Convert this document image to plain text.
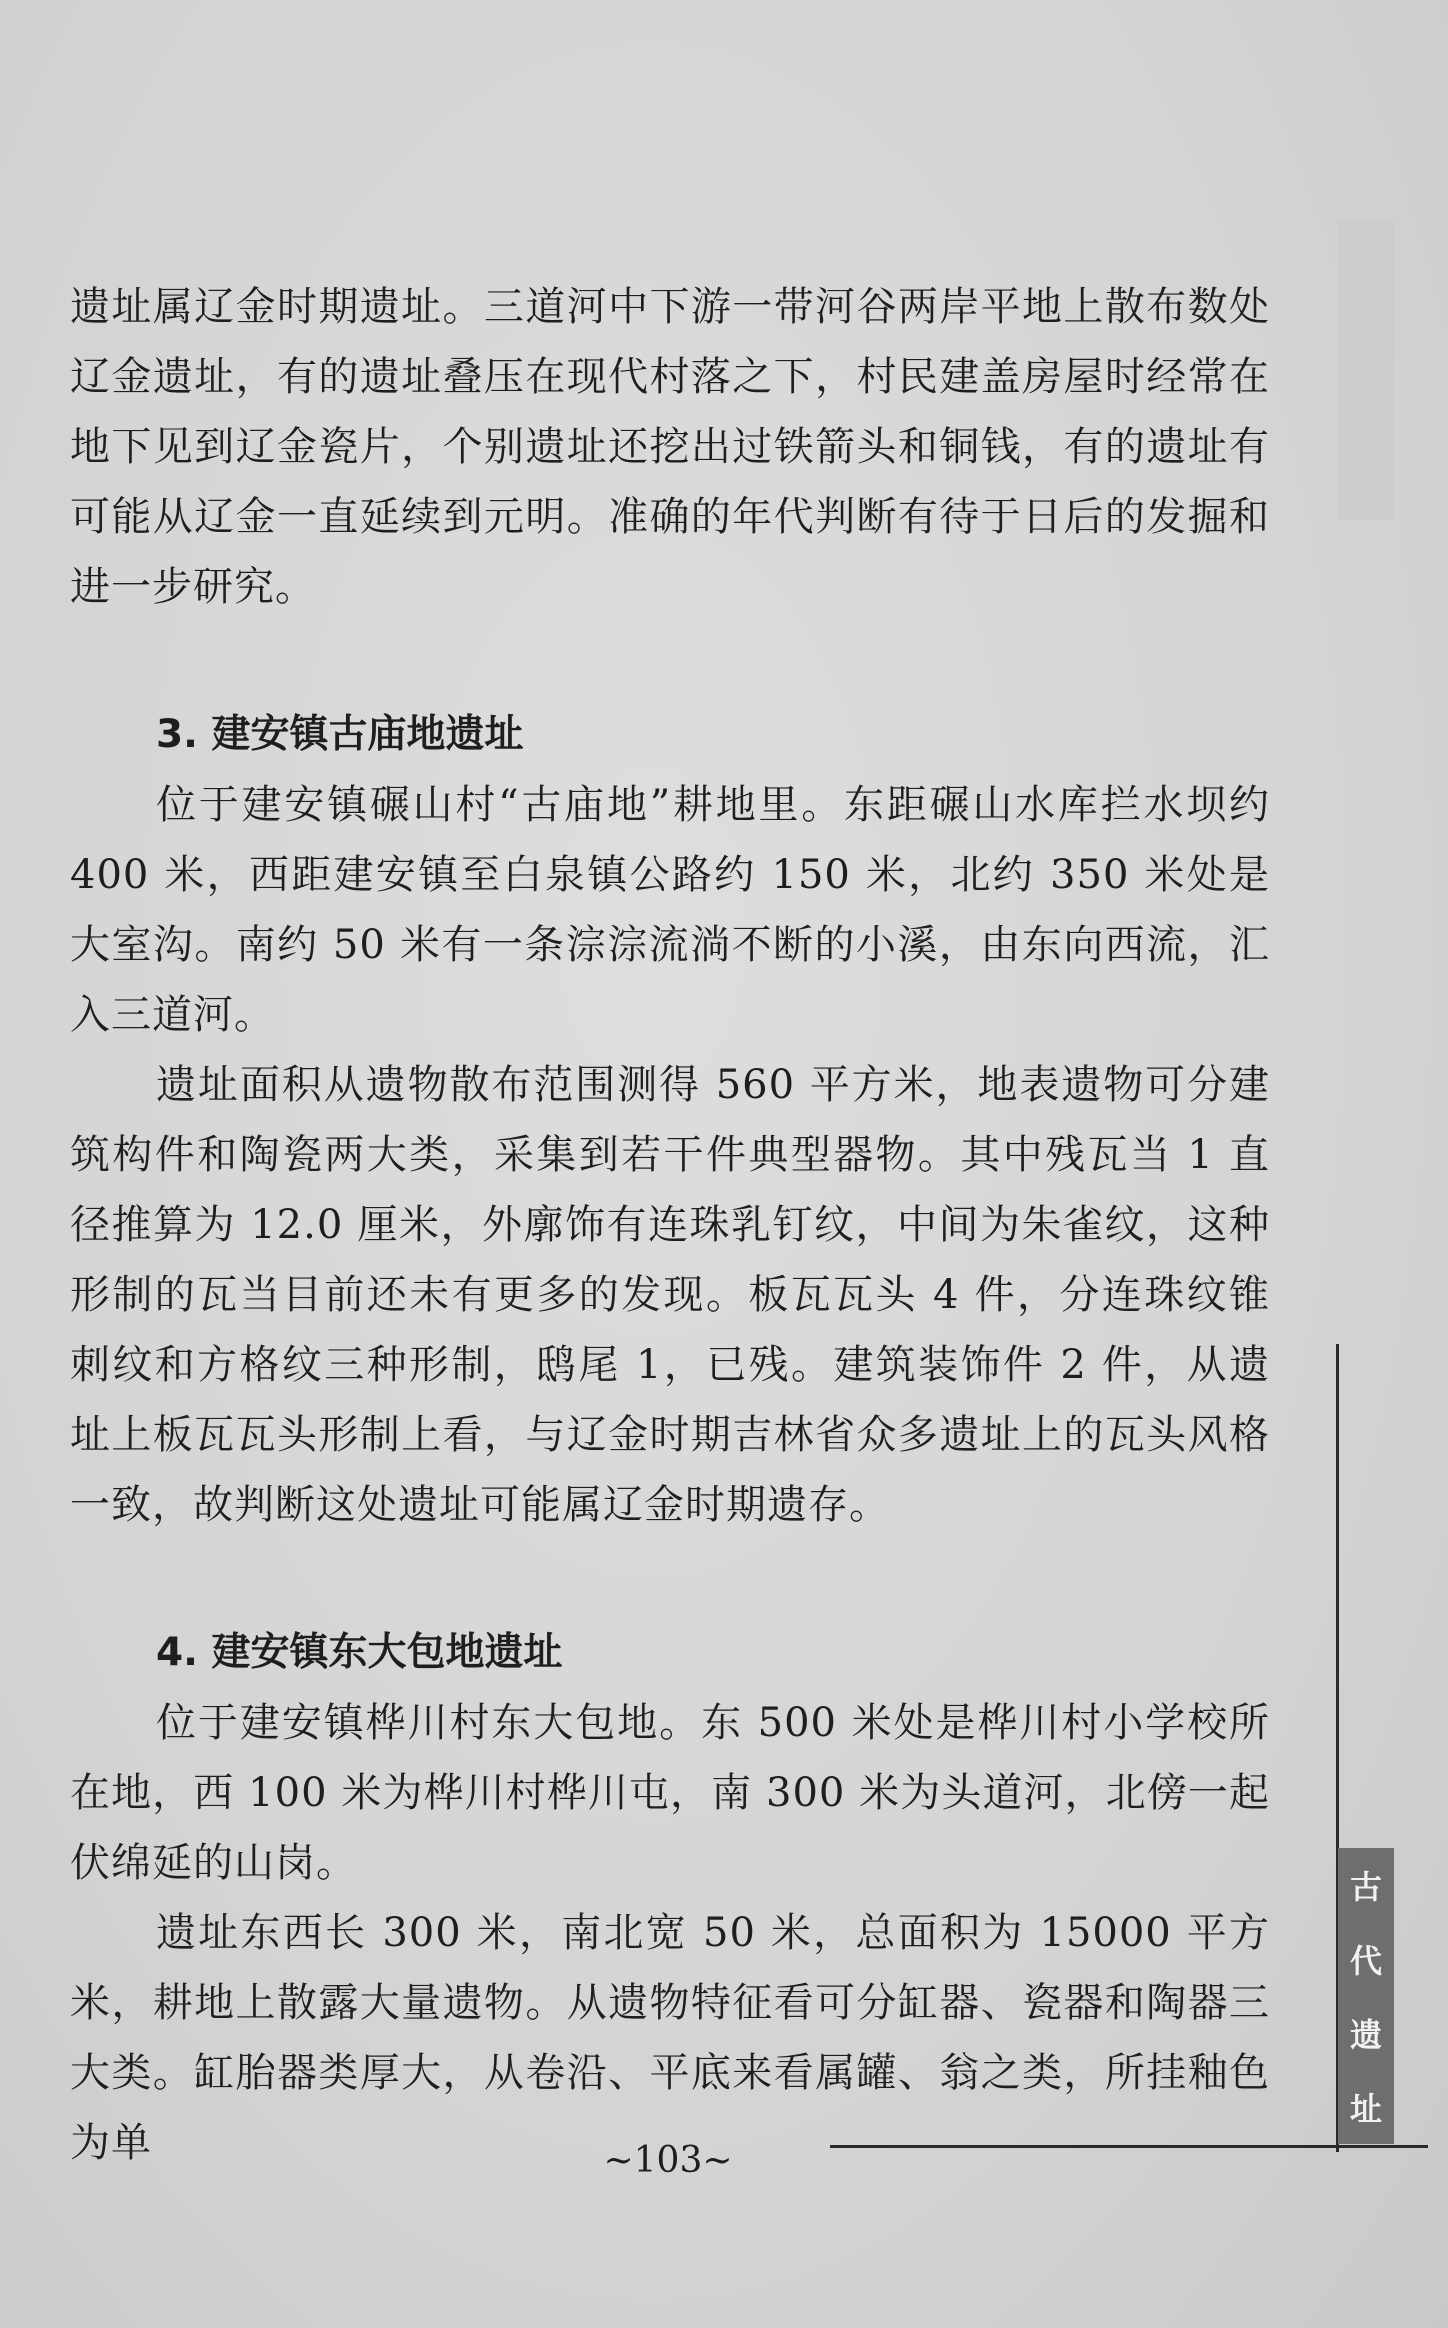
遗址属辽金时期遗址。三道河中下游一带河谷两岸平地上散布数处辽金遗址，有的遗址叠压在现代村落之下，村民建盖房屋时经常在地下见到辽金瓷片，个别遗址还挖出过铁箭头和铜钱，有的遗址有可能从辽金一直延续到元明。准确的年代判断有待于日后的发掘和进一步研究。

3. 建安镇古庙地遗址

位于建安镇碾山村“古庙地”耕地里。东距碾山水库拦水坝约400 米，西距建安镇至白泉镇公路约 150 米，北约 350 米处是大室沟。南约 50 米有一条淙淙流淌不断的小溪，由东向西流，汇入三道河。

遗址面积从遗物散布范围测得 560 平方米，地表遗物可分建筑构件和陶瓷两大类，采集到若干件典型器物。其中残瓦当 1 直径推算为 12.0 厘米，外廓饰有连珠乳钉纹，中间为朱雀纹，这种形制的瓦当目前还未有更多的发现。板瓦瓦头 4 件，分连珠纹锥刺纹和方格纹三种形制，鸱尾 1，已残。建筑装饰件 2 件，从遗址上板瓦瓦头形制上看，与辽金时期吉林省众多遗址上的瓦头风格一致，故判断这处遗址可能属辽金时期遗存。

4. 建安镇东大包地遗址

位于建安镇桦川村东大包地。东 500 米处是桦川村小学校所在地，西 100 米为桦川村桦川屯，南 300 米为头道河，北傍一起伏绵延的山岗。

遗址东西长 300 米，南北宽 50 米，总面积为 15000 平方米，耕地上散露大量遗物。从遗物特征看可分缸器、瓷器和陶器三大类。缸胎器类厚大，从卷沿、平底来看属罐、翁之类，所挂釉色为单

古
代
遗
址
~103~
